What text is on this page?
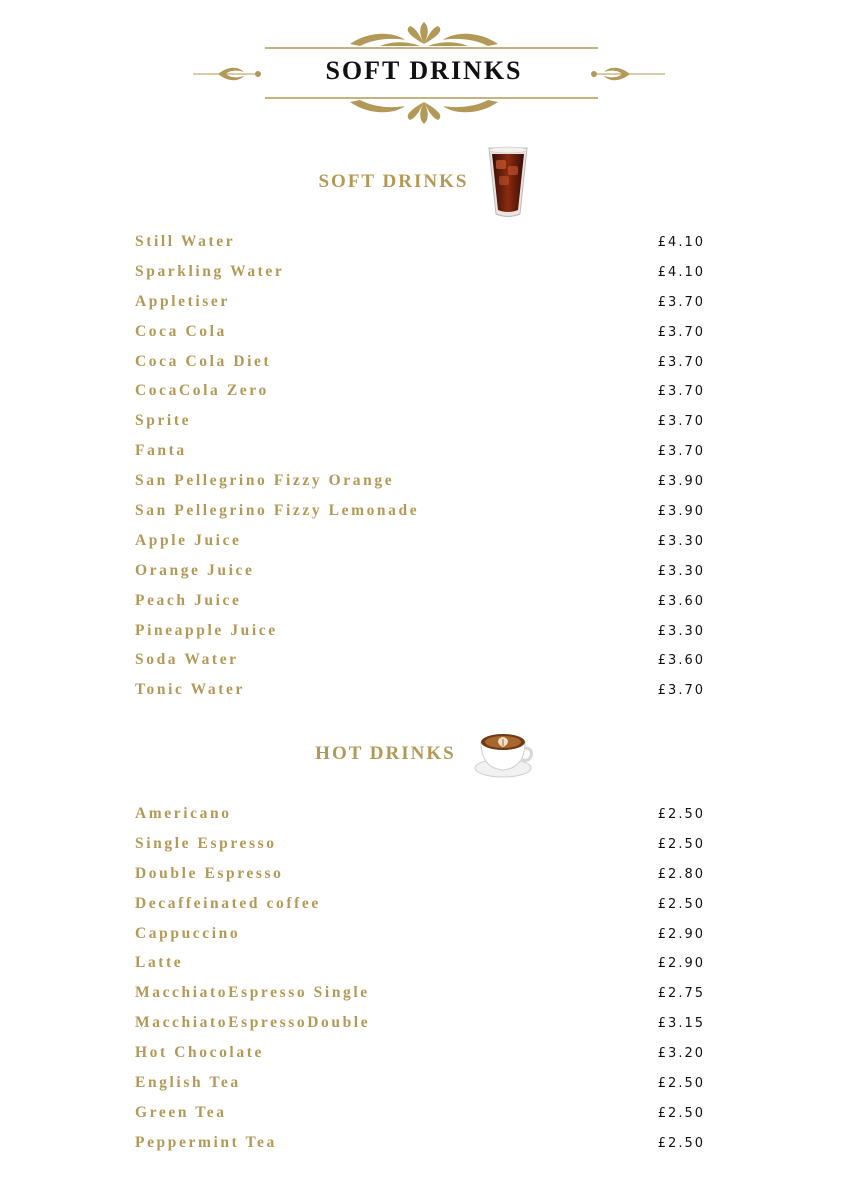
SOFT DRINKS
SOFT DRINKS
Still Water	£4.10
Sparkling Water	£4.10
Appletiser	£3.70
Coca Cola	£3.70
Coca Cola Diet	£3.70
CocaCola Zero	£3.70
Sprite	£3.70
Fanta	£3.70
San Pellegrino Fizzy Orange	£3.90
San Pellegrino Fizzy Lemonade	£3.90
Apple Juice	£3.30
Orange Juice	£3.30
Peach Juice	£3.60
Pineapple Juice	£3.30
Soda Water	£3.60
Tonic Water	£3.70
HOT DRINKS
Americano	£2.50
Single Espresso	£2.50
Double Espresso	£2.80
Decaffeinated coffee	£2.50
Cappuccino	£2.90
Latte	£2.90
MacchiatoEspresso Single	£2.75
MacchiatoEspressoDouble	£3.15
Hot Chocolate	£3.20
English Tea	£2.50
Green Tea	£2.50
Peppermint Tea	£2.50
